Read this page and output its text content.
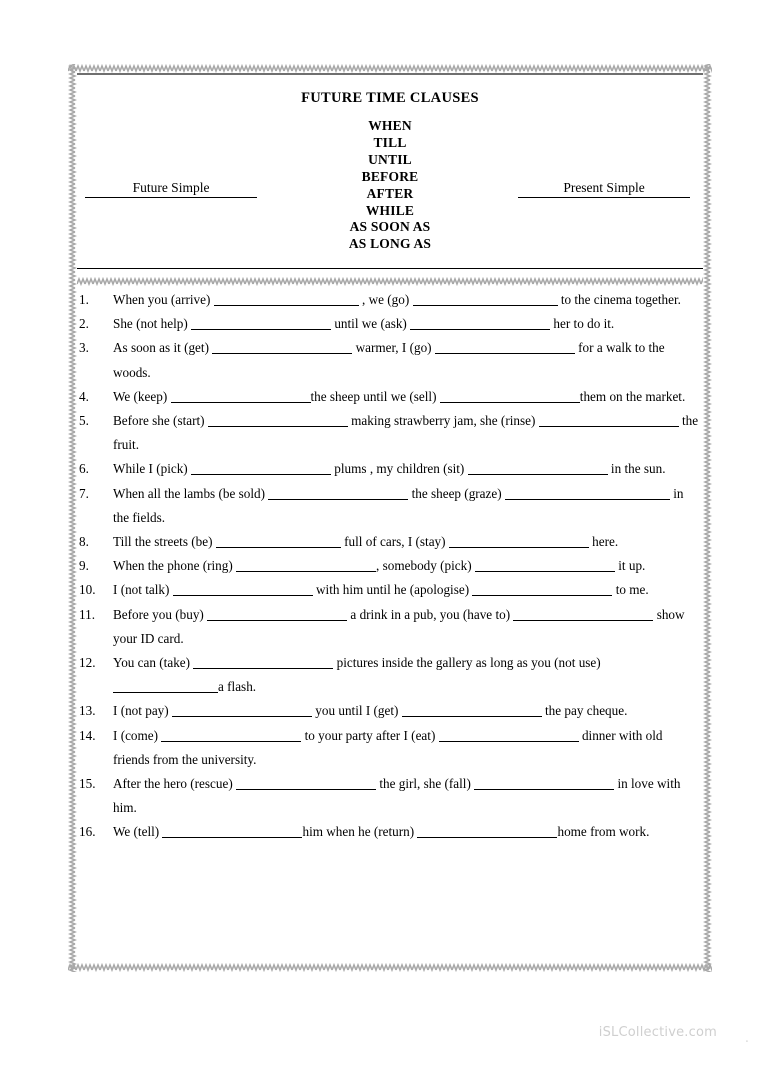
FUTURE TIME CLAUSES
WHEN
TILL
UNTIL
BEFORE
AFTER
WHILE
AS SOON AS
AS LONG AS
Future Simple	Present Simple
1.	When you (arrive)	, we (go)	to the cinema together.
2.	She (not help)	until we (ask)	her to do it.
3.	As soon as it (get)	warmer, I (go)	for a walk to the woods.
4.	We (keep)	the sheep until we (sell)	them on the market.
5.	Before she (start)	making strawberry jam, she (rinse)	the fruit.
6.	While I (pick)	plums , my children (sit)	in the sun.
7.	When all the lambs (be sold)	the sheep (graze)	in the fields.
8.	Till the streets (be)	full of cars, I (stay)	here.
9.	When the phone (ring)	, somebody (pick)	it up.
10.	I (not talk)	with him until he (apologise)	to me.
11.	Before you (buy)	a drink in a pub, you (have to)	show your ID card.
12.	You can (take)	pictures inside the gallery as long as you (not use) a flash.
13.	I (not pay)	you until I (get)	the pay cheque.
14.	I (come)	to your party after I (eat)	dinner with old friends from the university.
15.	After the hero (rescue)	the girl, she (fall)	in love with him.
16.	We (tell)	him when he (return)	home from work.
iSLCollective.com .
